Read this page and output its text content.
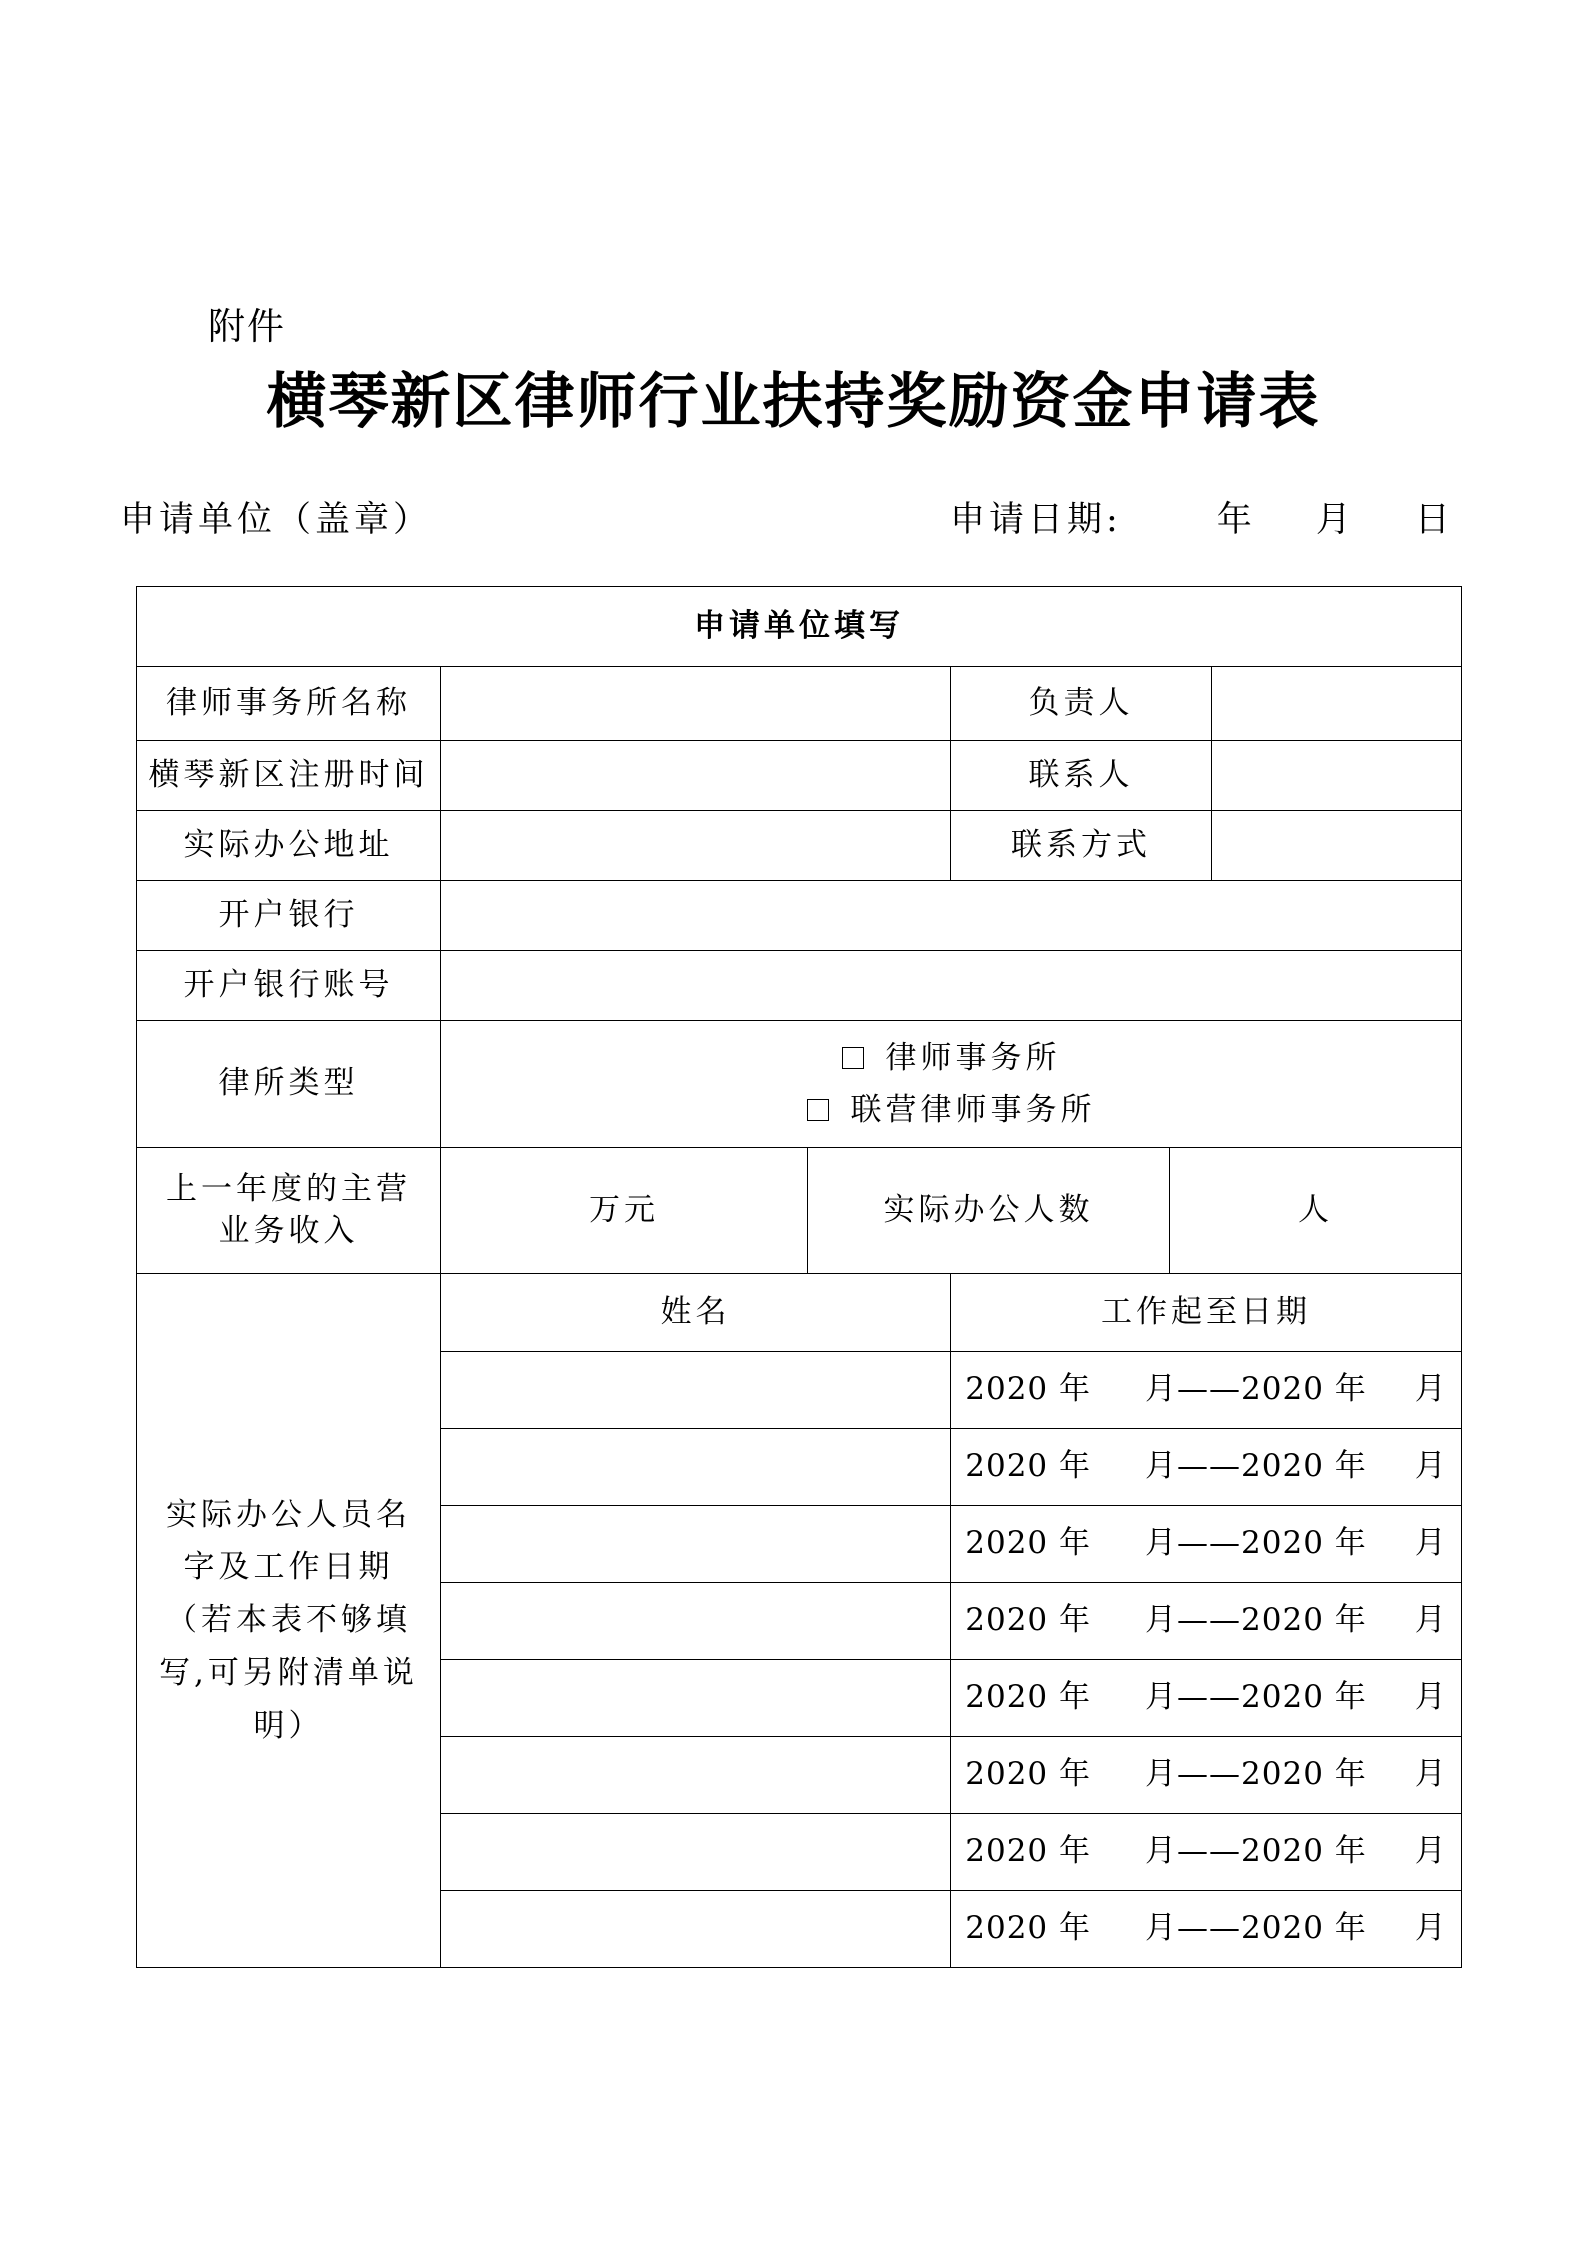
附件
横琴新区律师行业扶持奖励资金申请表
申请单位（盖章）	申请日期:	年 月 日
申请单位填写					
律师事务所名称			负责人		
横琴新区注册时间			联系人		
实际办公地址			联系方式		
开户银行					
开户银行账号					
律所类型	律师事务所
联营律师事务所				

上一年度的主营业务收入	万元	实际办公人数		人	
实际办公人员名字及工作日期（若本表不够填写,可另附清单说明）	姓名		工作起至日期		
			2020 年 月——2020 年 月		
			2020 年 月——2020 年 月		
			2020 年 月——2020 年 月		
			2020 年 月——2020 年 月		
			2020 年 月——2020 年 月		
			2020 年 月——2020 年 月		
			2020 年 月——2020 年 月		
			2020 年 月——2020 年 月		
